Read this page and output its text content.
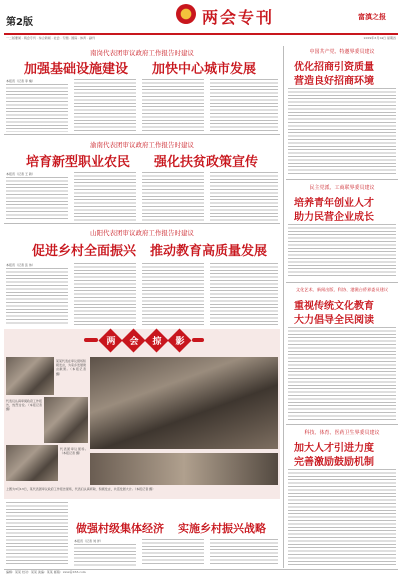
第2版	两会专刊	富滇之报
一二版要闻 · 两会专刊 · 综合新闻 · 社会 · 专题 · 国际 · 体育 · 副刊	2019年3月14日 星期四
南岗代表团审议政府工作报告时建议
加强基础设施建设 加快中心城市发展
本报讯（记者 李 楠）
渝南代表团审议政府工作报告时建议
培育新型职业农民 强化扶贫政策宣传
本报讯（记者 王 新）
山阳代表团审议政府工作报告时建议
促进乡村全面振兴 推动教育高质量发展
本报讯（记者 张 伟）
两 会 掠 影
某某代表在审议现场积极发言，为家乡发展建言献策。（本报记者 摄）
代表们认真审阅政府工作报告，热烈讨论。（本报记者 摄）
代表团审议现场。（本报记者 摄）
上图为3月13日，某代表团审议政府工作报告现场，代表们认真听取、积极发言，共话发展大计。（本报记者 摄）
做强村级集体经济 实施乡村振兴战略
本报讯（记者 刘 洋）
中国共产党、特邀界委员建议
优化招商引资质量
营造良好招商环境
民主党派、工商联界委员建议
培养青年创业人才
助力民营企业成长
文化艺术、新闻出版、科协、港澳台侨界委员建议
重视传统文化教育
大力倡导全民阅读
科技、体育、医药卫生界委员建议
加大人才引进力度
完善激励鼓励机制
编辑：某某 校对：某某 美编：某某 邮箱：xxxx@163.com
